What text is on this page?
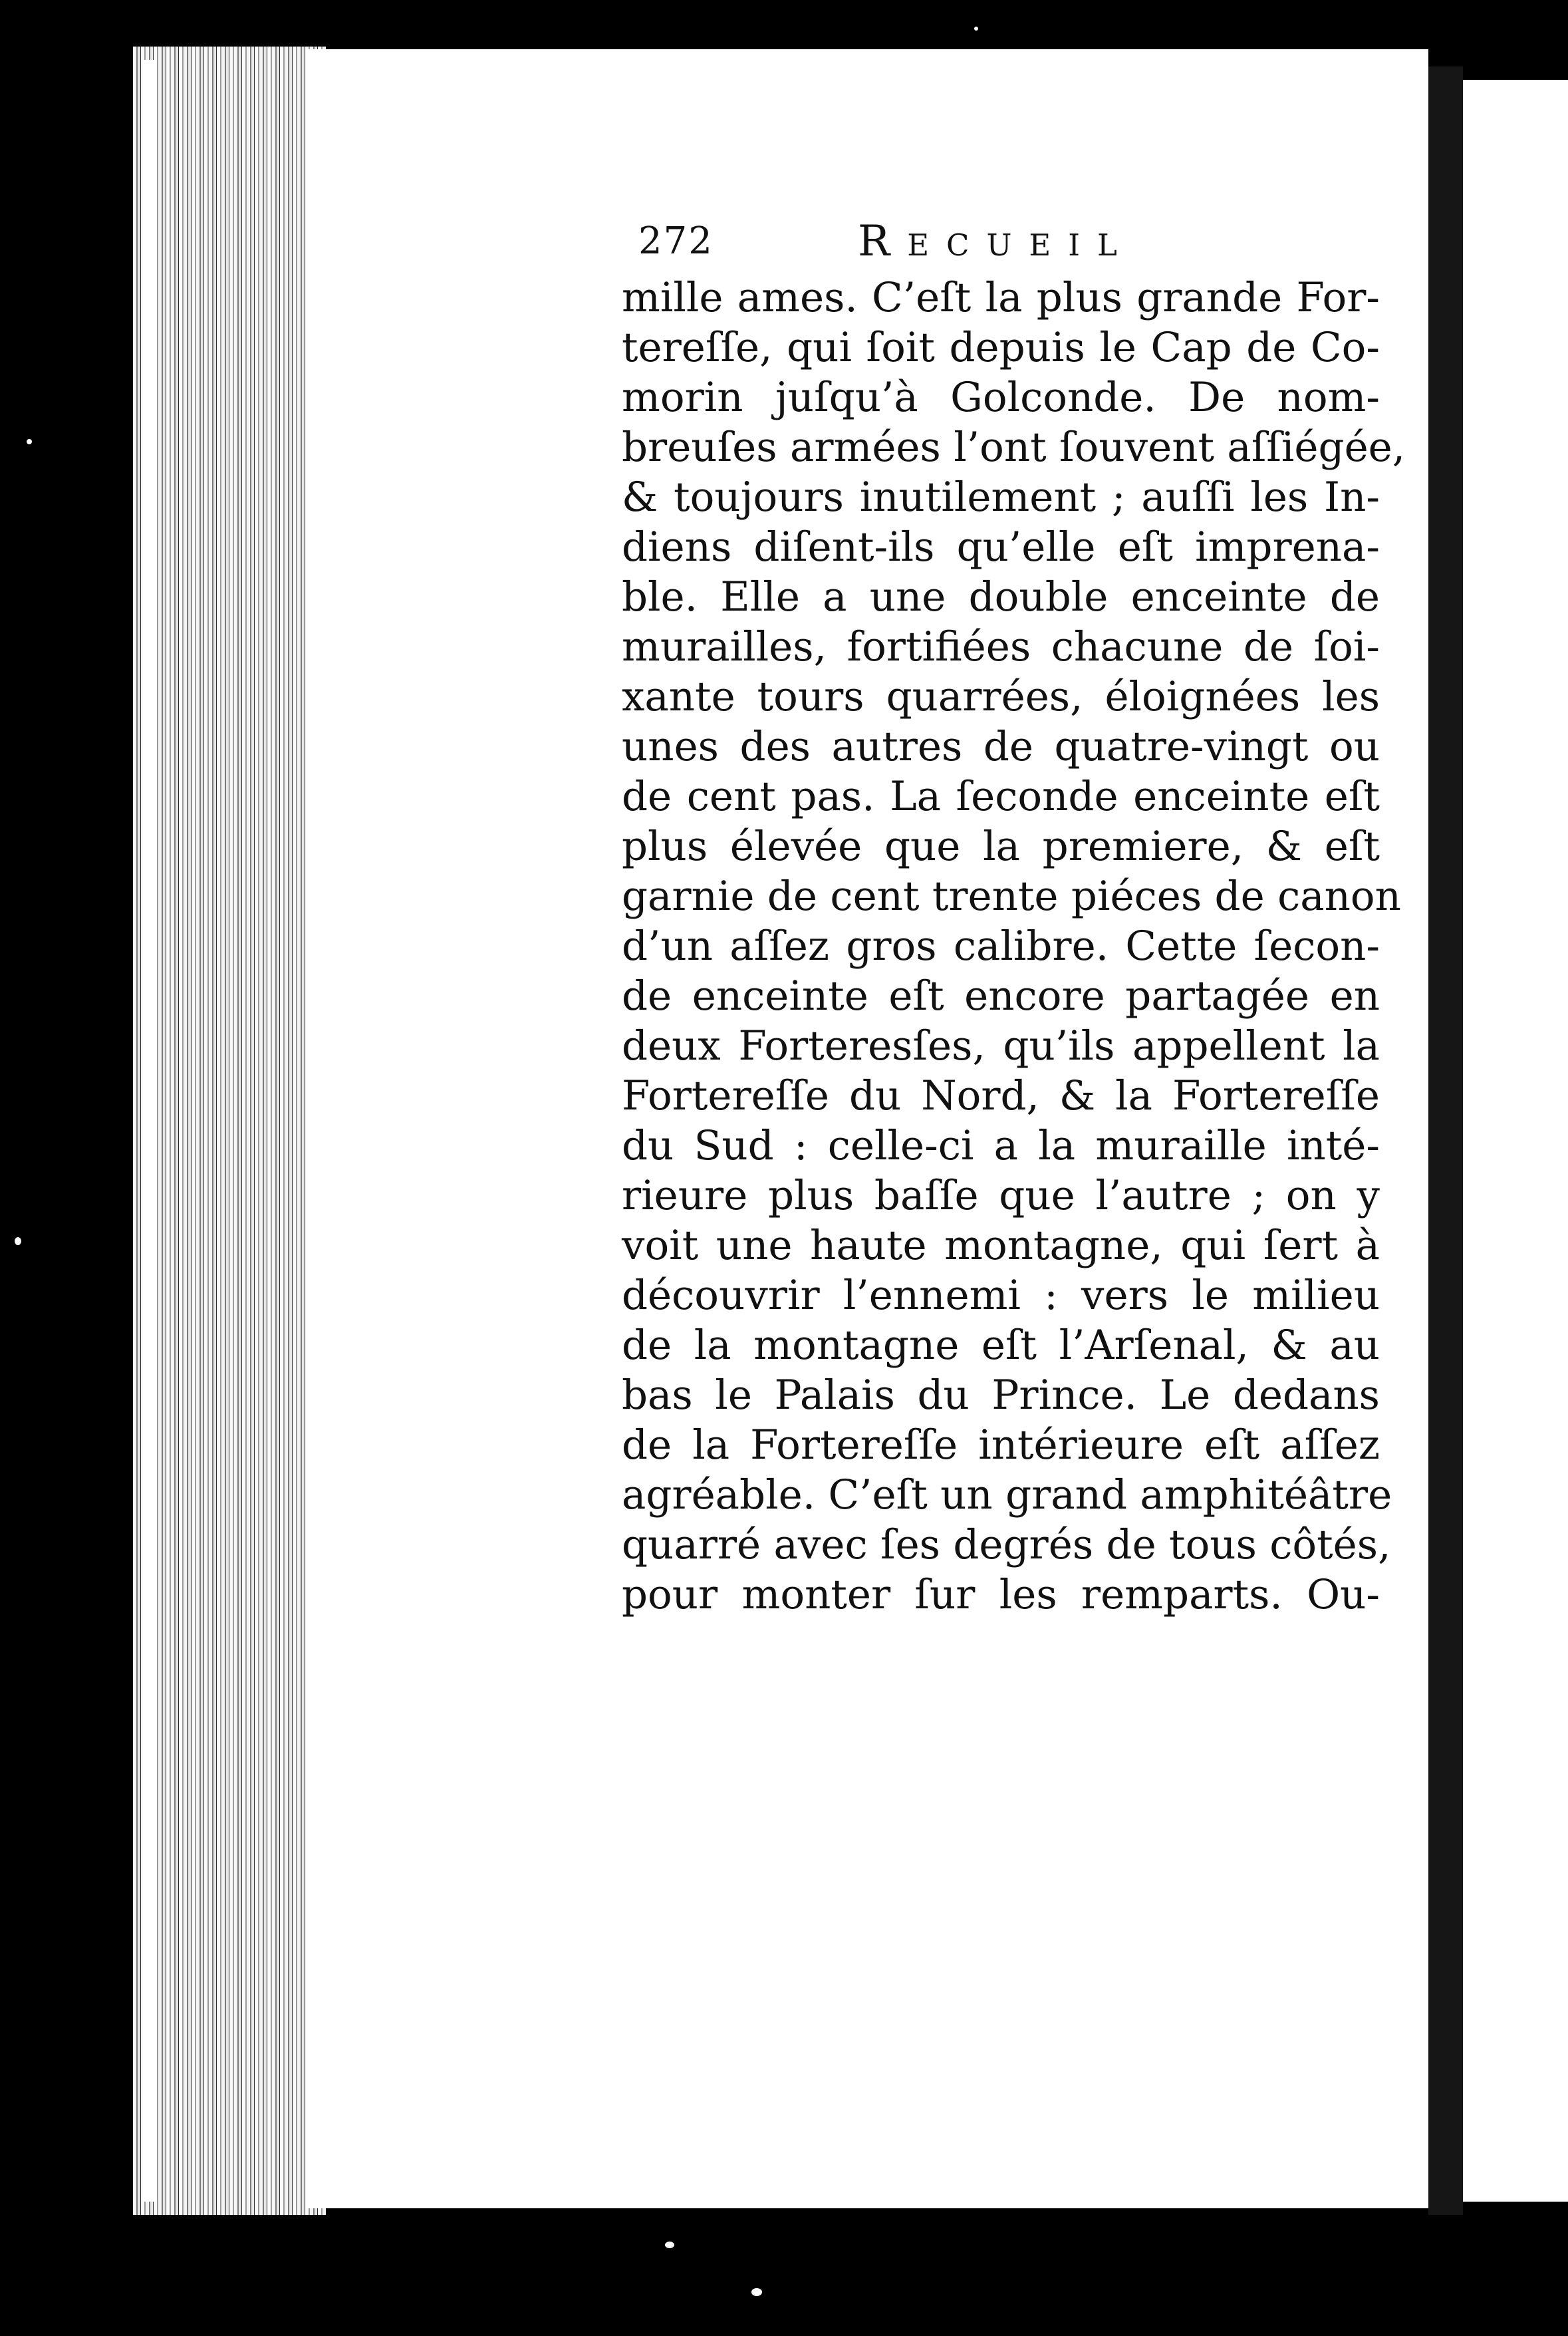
272	Recueil
mille ames. C’eſt la plus grande For-
tereſſe, qui ſoit depuis le Cap de Co-
morin juſqu’à Golconde. De nom-
breuſes armées l’ont ſouvent aſſiégée,
& toujours inutilement ; auſſi les In-
diens diſent-ils qu’elle eſt imprena-
ble. Elle a une double enceinte de
murailles, fortifiées chacune de ſoi-
xante tours quarrées, éloignées les
unes des autres de quatre-vingt ou
de cent pas. La ſeconde enceinte eſt
plus élevée que la premiere, & eſt
garnie de cent trente piéces de canon
d’un aſſez gros calibre. Cette ſecon-
de enceinte eſt encore partagée en
deux Forteresſes, qu’ils appellent la
Fortereſſe du Nord, & la Fortereſſe
du Sud : celle-ci a la muraille inté-
rieure plus baſſe que l’autre ; on y
voit une haute montagne, qui ſert à
découvrir l’ennemi : vers le milieu
de la montagne eſt l’Arſenal, & au
bas le Palais du Prince. Le dedans
de la Fortereſſe intérieure eſt aſſez
agréable. C’eſt un grand amphitéâtre
quarré avec ſes degrés de tous côtés,
pour monter ſur les remparts. Ou-
